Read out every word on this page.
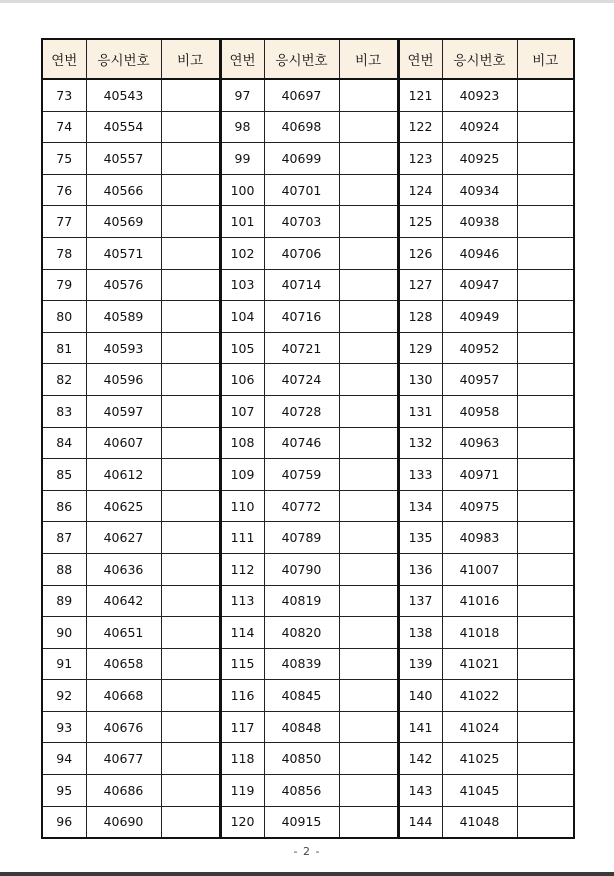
연번	응시번호	비고	연번	응시번호	비고	연번	응시번호	비고
73	40543		97	40697		121	40923	
74	40554		98	40698		122	40924	
75	40557		99	40699		123	40925	
76	40566		100	40701		124	40934	
77	40569		101	40703		125	40938	
78	40571		102	40706		126	40946	
79	40576		103	40714		127	40947	
80	40589		104	40716		128	40949	
81	40593		105	40721		129	40952	
82	40596		106	40724		130	40957	
83	40597		107	40728		131	40958	
84	40607		108	40746		132	40963	
85	40612		109	40759		133	40971	
86	40625		110	40772		134	40975	
87	40627		111	40789		135	40983	
88	40636		112	40790		136	41007	
89	40642		113	40819		137	41016	
90	40651		114	40820		138	41018	
91	40658		115	40839		139	41021	
92	40668		116	40845		140	41022	
93	40676		117	40848		141	41024	
94	40677		118	40850		142	41025	
95	40686		119	40856		143	41045	
96	40690		120	40915		144	41048	
- 2 -
